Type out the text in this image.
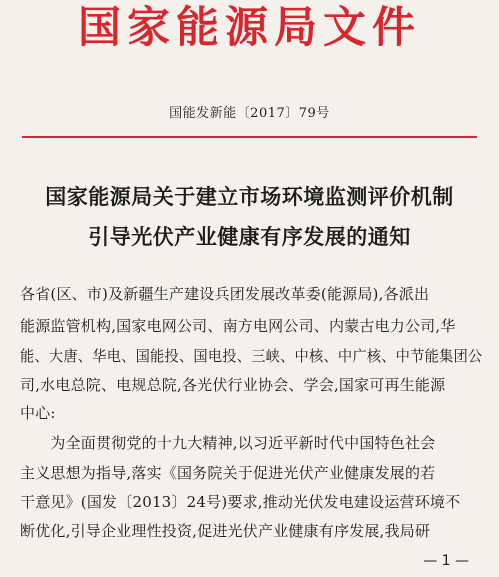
国家能源局文件
国能发新能〔2017〕79号
国家能源局关于建立市场环境监测评价机制
引导光伏产业健康有序发展的通知
各省(区、市)及新疆生产建设兵团发展改革委(能源局),各派出
能源监管机构,国家电网公司、南方电网公司、内蒙古电力公司,华
能、大唐、华电、国能投、国电投、三峡、中核、中广核、中节能集团公
司,水电总院、电规总院,各光伏行业协会、学会,国家可再生能源
中心:
　　为全面贯彻党的十九大精神,以习近平新时代中国特色社会
主义思想为指导,落实《国务院关于促进光伏产业健康发展的若
干意见》(国发〔2013〕24号)要求,推动光伏发电建设运营环境不
断优化,引导企业理性投资,促进光伏产业健康有序发展,我局研
— 1 —
